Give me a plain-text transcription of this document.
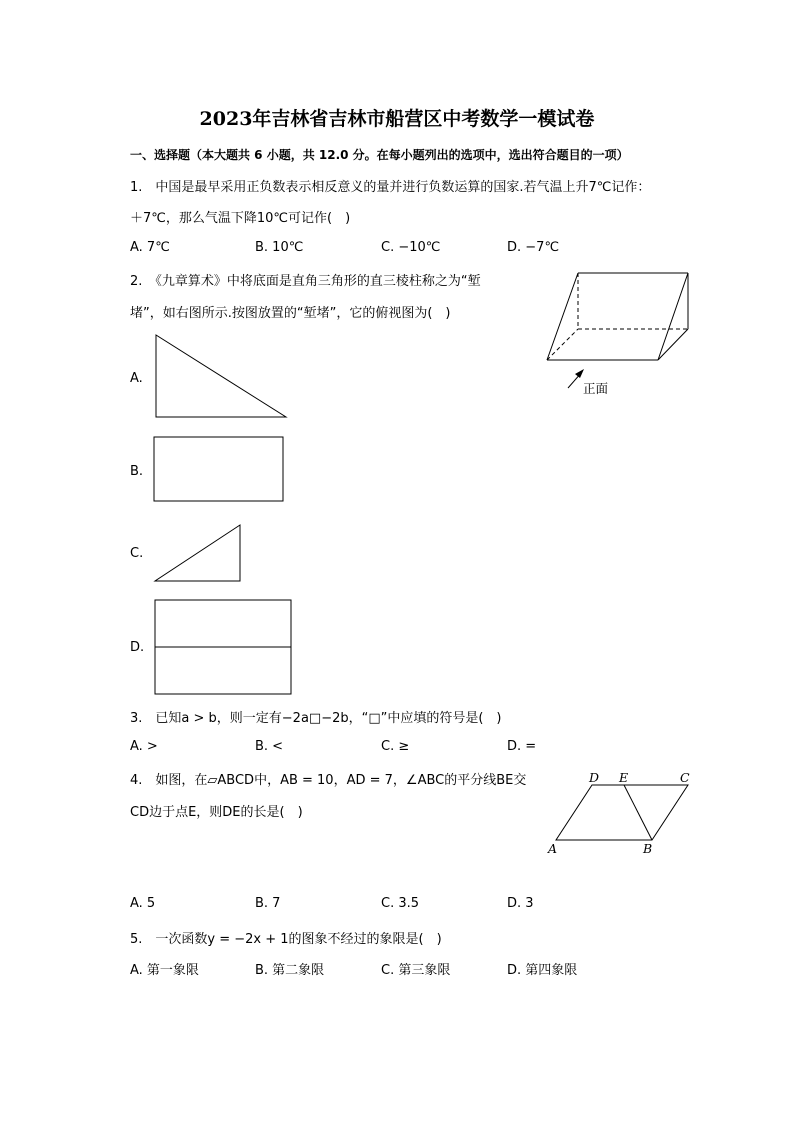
2023年吉林省吉林市船营区中考数学一模试卷
一、选择题（本大题共 6 小题，共 12.0 分。在每小题列出的选项中，选出符合题目的一项）
1.　中国是最早采用正负数表示相反意义的量并进行负数运算的国家.若气温上升7℃记作：
＋7℃，那么气温下降10℃可记作(　)
A. 7℃	B. 10℃	C. −10℃	D. −7℃
2.　《九章算术》中将底面是直角三角形的直三棱柱称之为“堑
堵”，如右图所示.按图放置的“堑堵”，它的俯视图为(　)
正面
A.
B.
C.
D.
3.　已知a > b，则一定有−2a□−2b，“□”中应填的符号是(　)
A. >	B. <	C. ≥	D. =
4.　如图，在▱ABCD中，AB = 10，AD = 7，∠ABC的平分线BE交
CD边于点E，则DE的长是(　)
D E	C
A	B
A. 5	B. 7	C. 3.5	D. 3
5.　一次函数y = −2x + 1的图象不经过的象限是(　)
A. 第一象限	B. 第二象限	C. 第三象限	D. 第四象限
